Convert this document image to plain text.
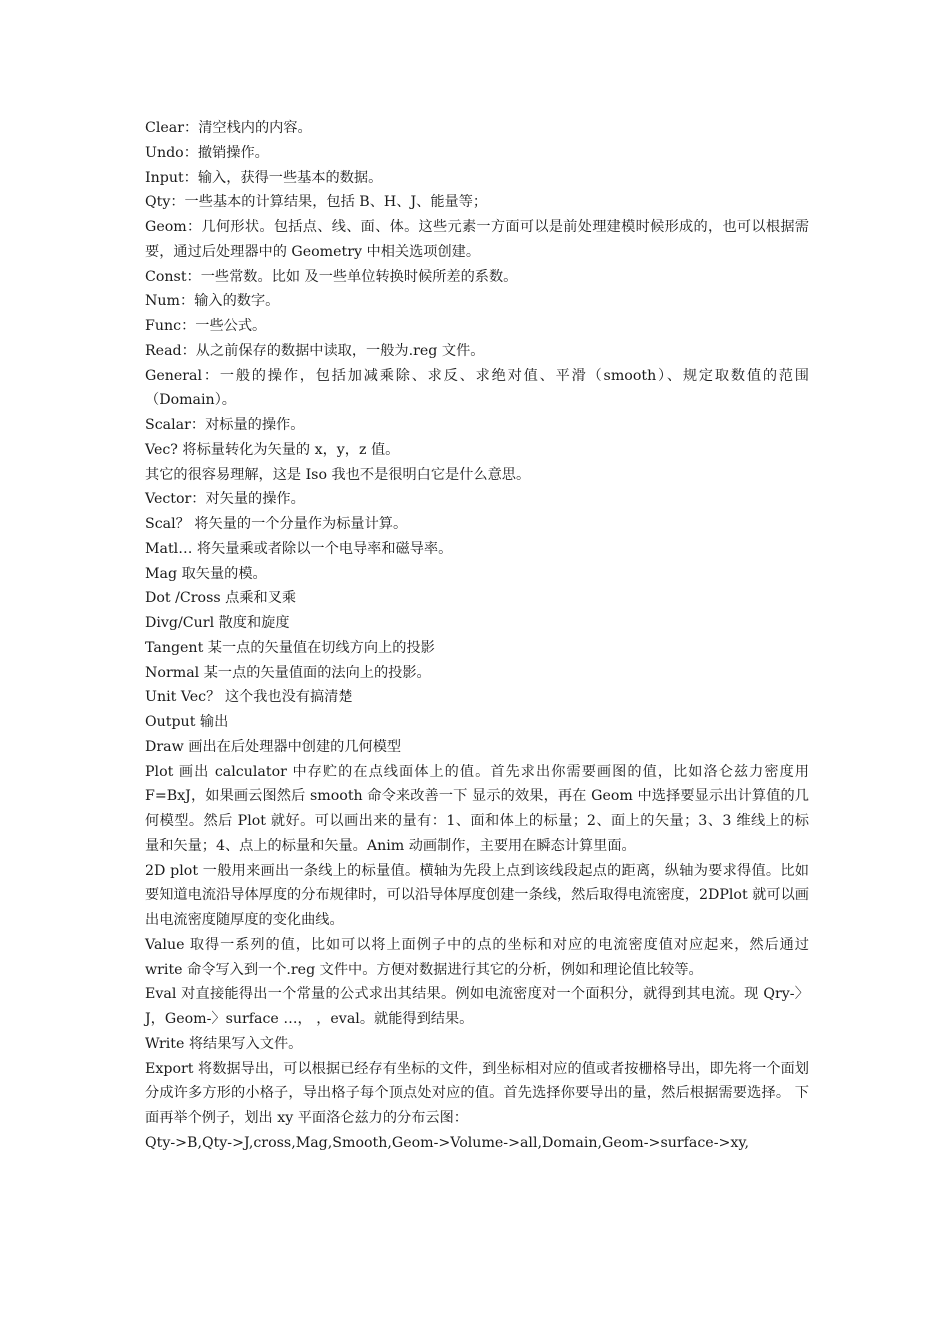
Clear：清空栈内的内容。

Undo：撤销操作。

Input：输入，获得一些基本的数据。

Qty：一些基本的计算结果，包括 B、H、J、能量等；

Geom：几何形状。包括点、线、面、体。这些元素一方面可以是前处理建模时候形成的，也可以根据需要，通过后处理器中的 Geometry 中相关选项创建。

Const：一些常数。比如 及一些单位转换时候所差的系数。

Num：输入的数字。

Func：一些公式。

Read：从之前保存的数据中读取，一般为.reg 文件。

General：一般的操作，包括加减乘除、求反、求绝对值、平滑（smooth）、规定取数值的范围（Domain）。

Scalar：对标量的操作。

Vec? 将标量转化为矢量的 x，y，z 值。

其它的很容易理解，这是 Iso 我也不是很明白它是什么意思。

Vector：对矢量的操作。

Scal？ 将矢量的一个分量作为标量计算。

Matl… 将矢量乘或者除以一个电导率和磁导率。

Mag 取矢量的模。

Dot /Cross 点乘和叉乘

Divg/Curl 散度和旋度

Tangent 某一点的矢量值在切线方向上的投影

Normal 某一点的矢量值面的法向上的投影。

Unit Vec？ 这个我也没有搞清楚

Output 输出

Draw 画出在后处理器中创建的几何模型

Plot 画出 calculator 中存贮的在点线面体上的值。首先求出你需要画图的值，比如洛仑兹力密度用 F=BxJ，如果画云图然后 smooth 命令来改善一下 显示的效果，再在 Geom 中选择要显示出计算值的几何模型。然后 Plot 就好。可以画出来的量有：1、面和体上的标量；2、面上的矢量；3、3 维线上的标 量和矢量；4、点上的标量和矢量。Anim 动画制作，主要用在瞬态计算里面。

2D plot 一般用来画出一条线上的标量值。横轴为先段上点到该线段起点的距离，纵轴为要求得值。比如要知道电流沿导体厚度的分布规律时，可以沿导体厚度创建一条线，然后取得电流密度，2DPlot 就可以画出电流密度随厚度的变化曲线。

Value 取得一系列的值，比如可以将上面例子中的点的坐标和对应的电流密度值对应起来，然后通过 write 命令写入到一个.reg 文件中。方便对数据进行其它的分析，例如和理论值比较等。

Eval 对直接能得出一个常量的公式求出其结果。例如电流密度对一个面积分，就得到其电流。现 Qry-〉J，Geom-〉surface …， ，eval。就能得到结果。

Write 将结果写入文件。

Export 将数据导出，可以根据已经存有坐标的文件，到坐标相对应的值或者按栅格导出，即先将一个面划分成许多方形的小格子，导出格子每个顶点处对应的值。首先选择你要导出的量，然后根据需要选择。 下面再举个例子，划出 xy 平面洛仑兹力的分布云图：

Qty->B,Qty->J,cross,Mag,Smooth,Geom->Volume->all,Domain,Geom->surface->xy,
